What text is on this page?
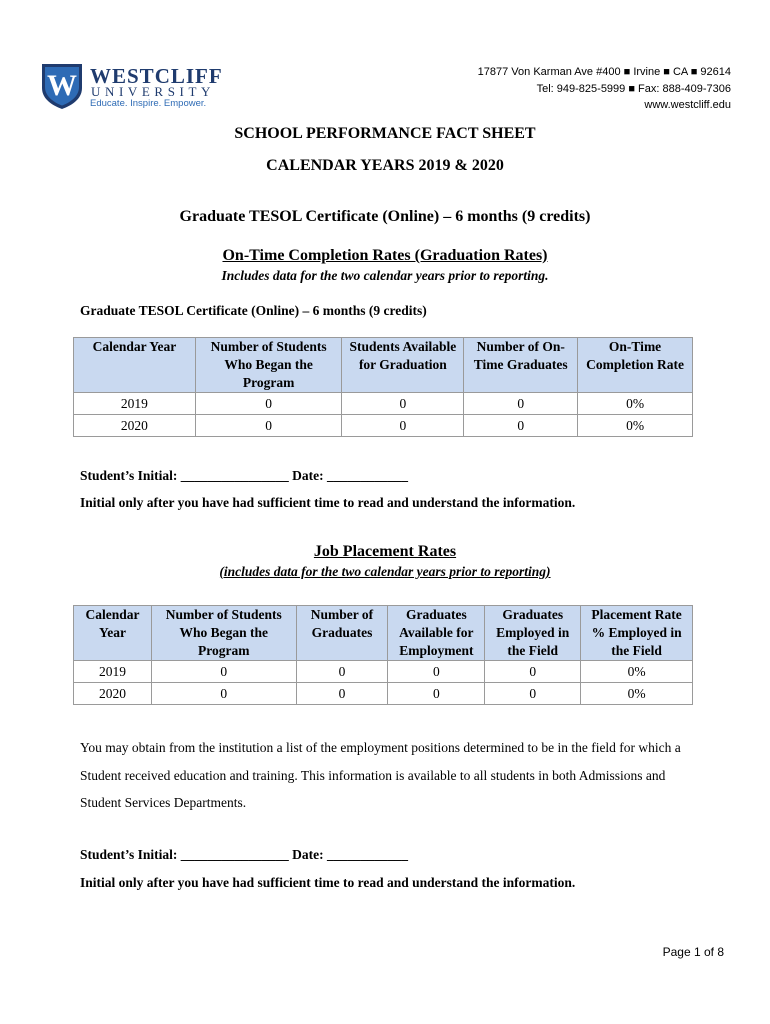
W WESTCLIFF
UNIVERSITY
Educate. Inspire. Empower.
17877 Von Karman Ave #400 ■ Irvine ■ CA ■ 92614
Tel: 949-825-5999 ■ Fax: 888-409-7306
www.westcliff.edu
SCHOOL PERFORMANCE FACT SHEET
CALENDAR YEARS 2019 & 2020
Graduate TESOL Certificate (Online) – 6 months (9 credits)
On-Time Completion Rates (Graduation Rates)
Includes data for the two calendar years prior to reporting.
Graduate TESOL Certificate (Online) – 6 months (9 credits)
Calendar Year	Number of Students Who Began the Program	Students Available for Graduation	Number of On-Time Graduates	On-Time Completion Rate
2019	0	0	0	0%
2020	0	0	0	0%
Student’s Initial: ________________ Date: ____________
Initial only after you have had sufficient time to read and understand the information.
Job Placement Rates
(includes data for the two calendar years prior to reporting)
Calendar Year	Number of Students Who Began the Program	Number of Graduates	Graduates Available for Employment	Graduates Employed in the Field	Placement Rate % Employed in the Field
2019	0	0	0	0	0%
2020	0	0	0	0	0%
You may obtain from the institution a list of the employment positions determined to be in the field for which a Student received education and training. This information is available to all students in both Admissions and Student Services Departments.
Student’s Initial: ________________ Date: ____________
Initial only after you have had sufficient time to read and understand the information.
Page 1 of 8
